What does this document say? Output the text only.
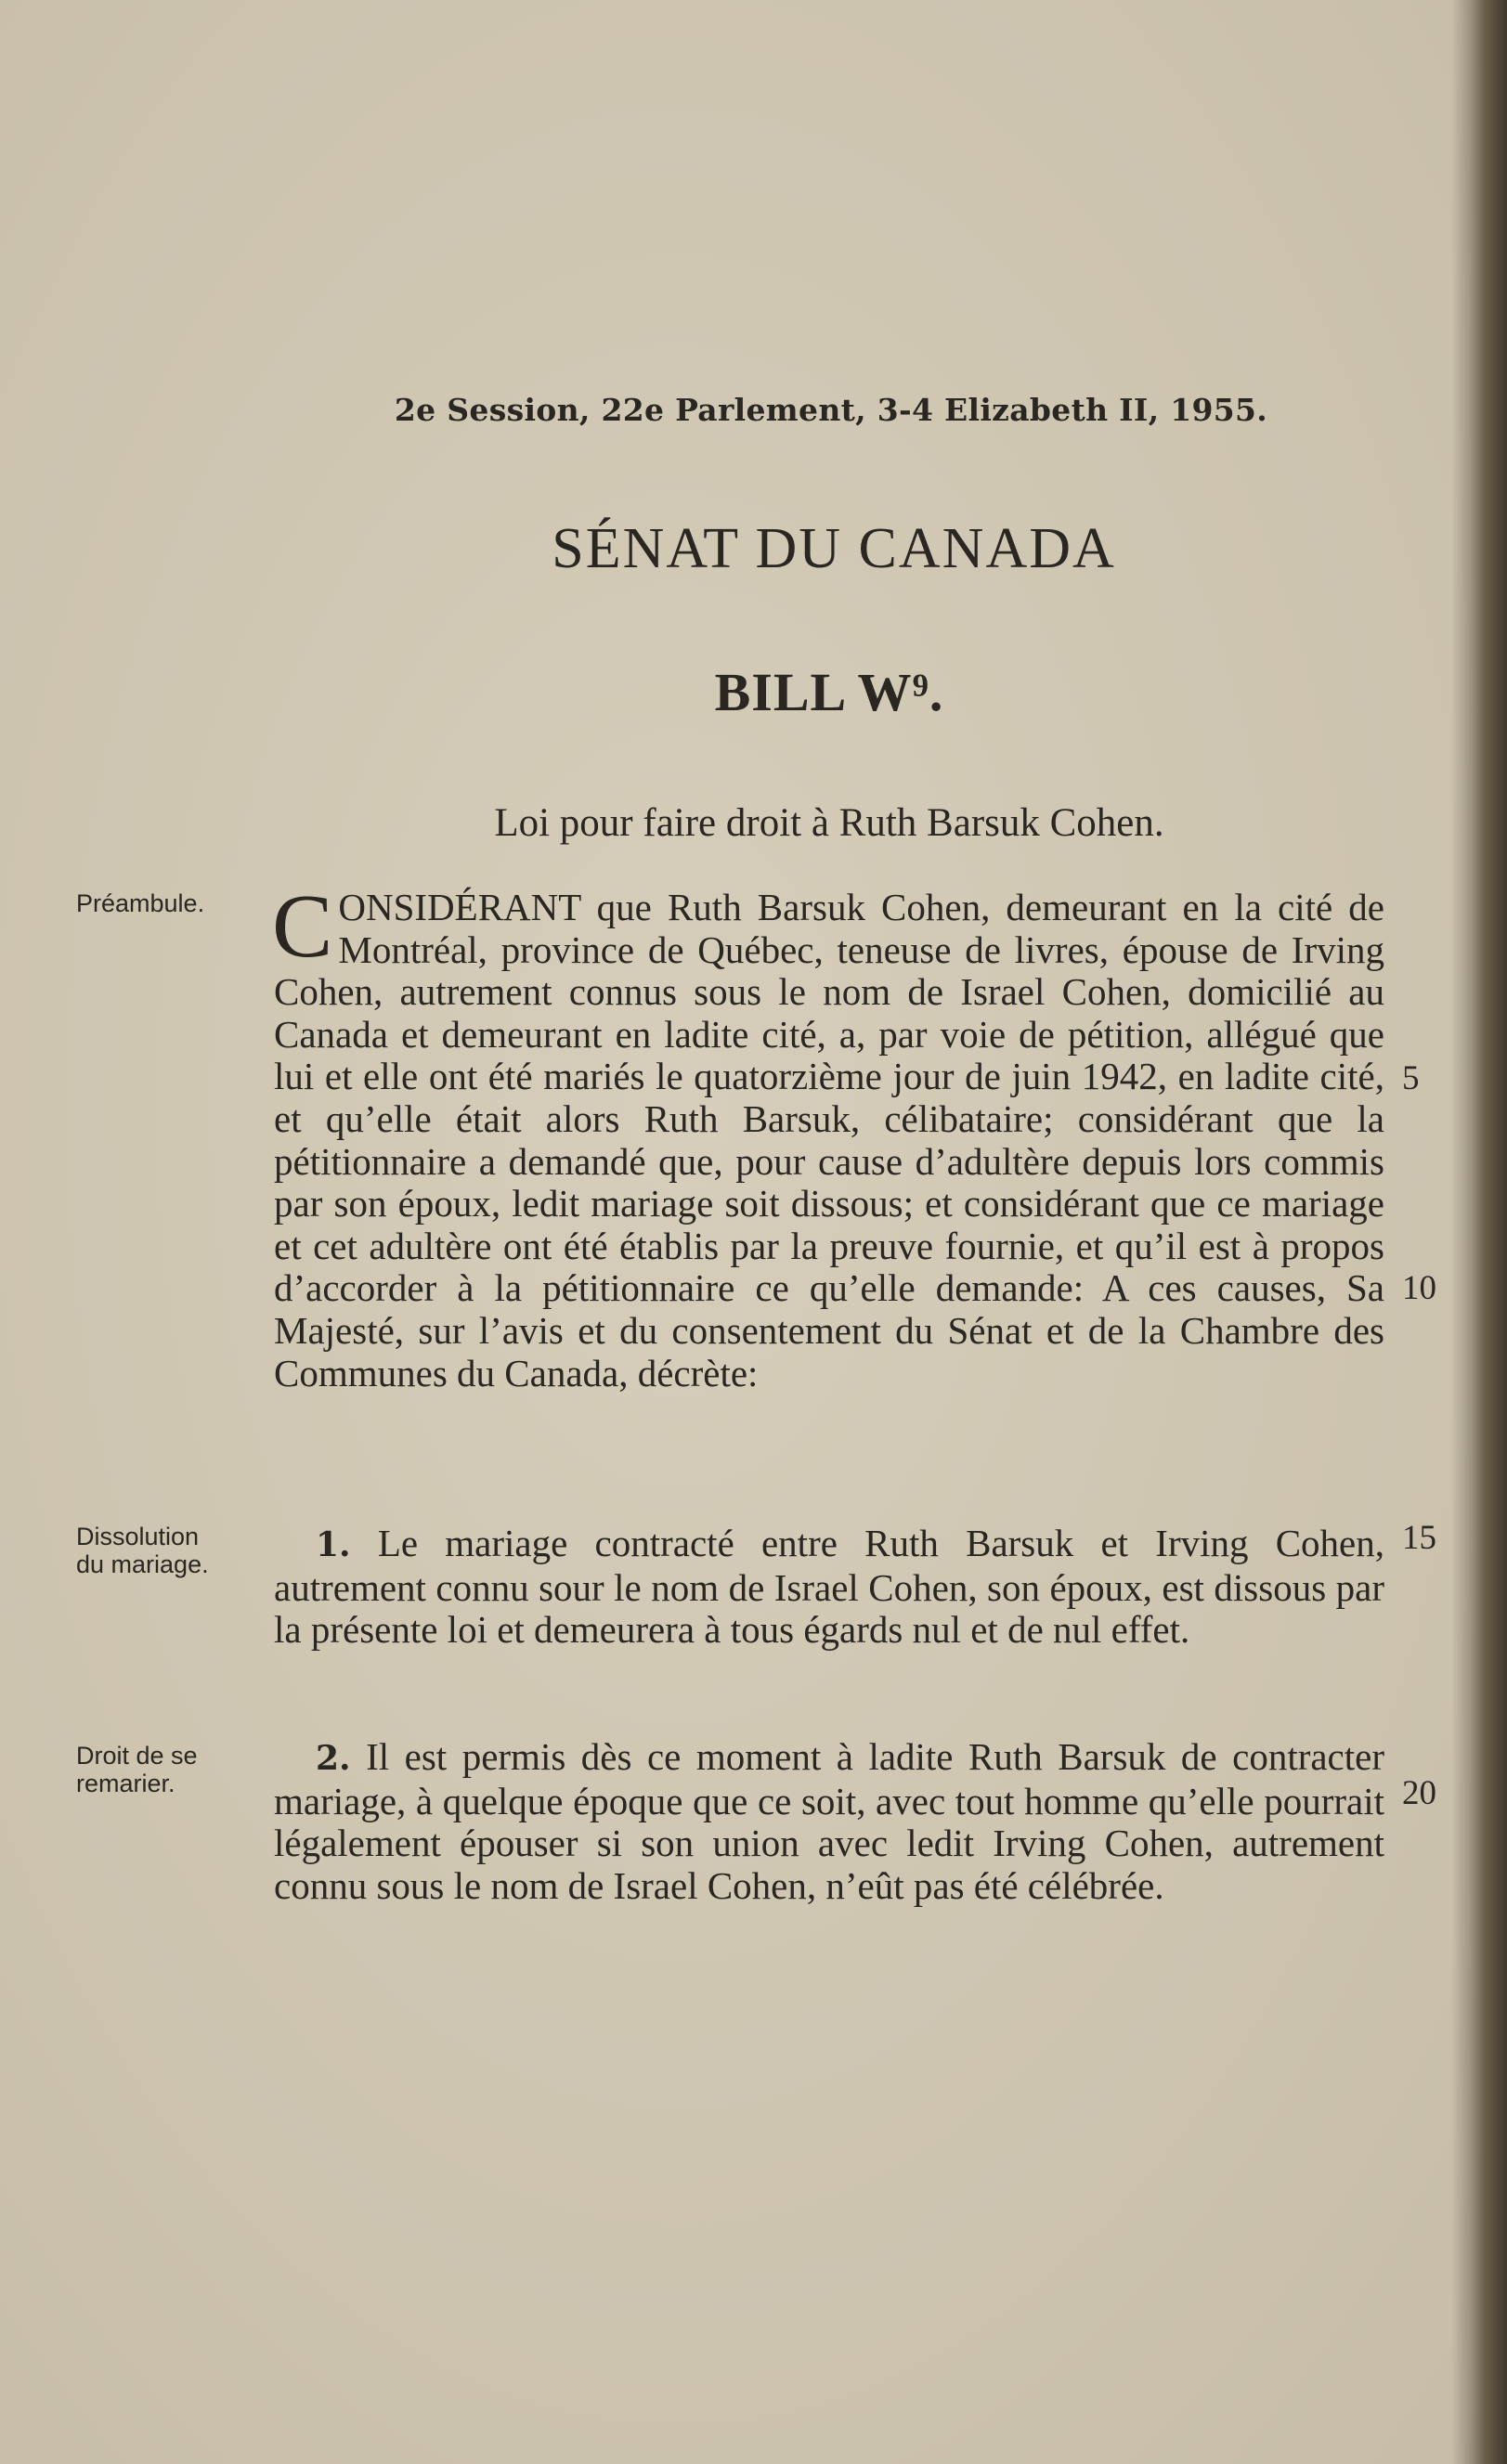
2e Session, 22e Parlement, 3-4 Elizabeth II, 1955.
SÉNAT DU CANADA
BILL W⁹.
Loi pour faire droit à Ruth Barsuk Cohen.
Préambule.
Dissolution
du mariage.
Droit de se
remarier.
5
10
15
20
CONSIDÉRANT que Ruth Barsuk Cohen, demeurant en la cité de Montréal, province de Québec, teneuse de livres, épouse de Irving Cohen, autrement connus sous le nom de Israel Cohen, domicilié au Canada et demeurant en ladite cité, a, par voie de pétition, allégué que lui et elle ont été mariés le quatorzième jour de juin 1942, en ladite cité, et qu’elle était alors Ruth Barsuk, célibataire; considérant que la pétitionnaire a demandé que, pour cause d’adultère depuis lors commis par son époux, ledit mariage soit dissous; et considérant que ce mariage et cet adultère ont été établis par la preuve fournie, et qu’il est à propos d’accorder à la pétitionnaire ce qu’elle demande: A ces causes, Sa Majesté, sur l’avis et du consentement du Sénat et de la Chambre des Communes du Canada, décrète:
1. Le mariage contracté entre Ruth Barsuk et Irving Cohen, autrement connu sour le nom de Israel Cohen, son époux, est dissous par la présente loi et demeurera à tous égards nul et de nul effet.
2. Il est permis dès ce moment à ladite Ruth Barsuk de contracter mariage, à quelque époque que ce soit, avec tout homme qu’elle pourrait légalement épouser si son union avec ledit Irving Cohen, autrement connu sous le nom de Israel Cohen, n’eût pas été célébrée.
